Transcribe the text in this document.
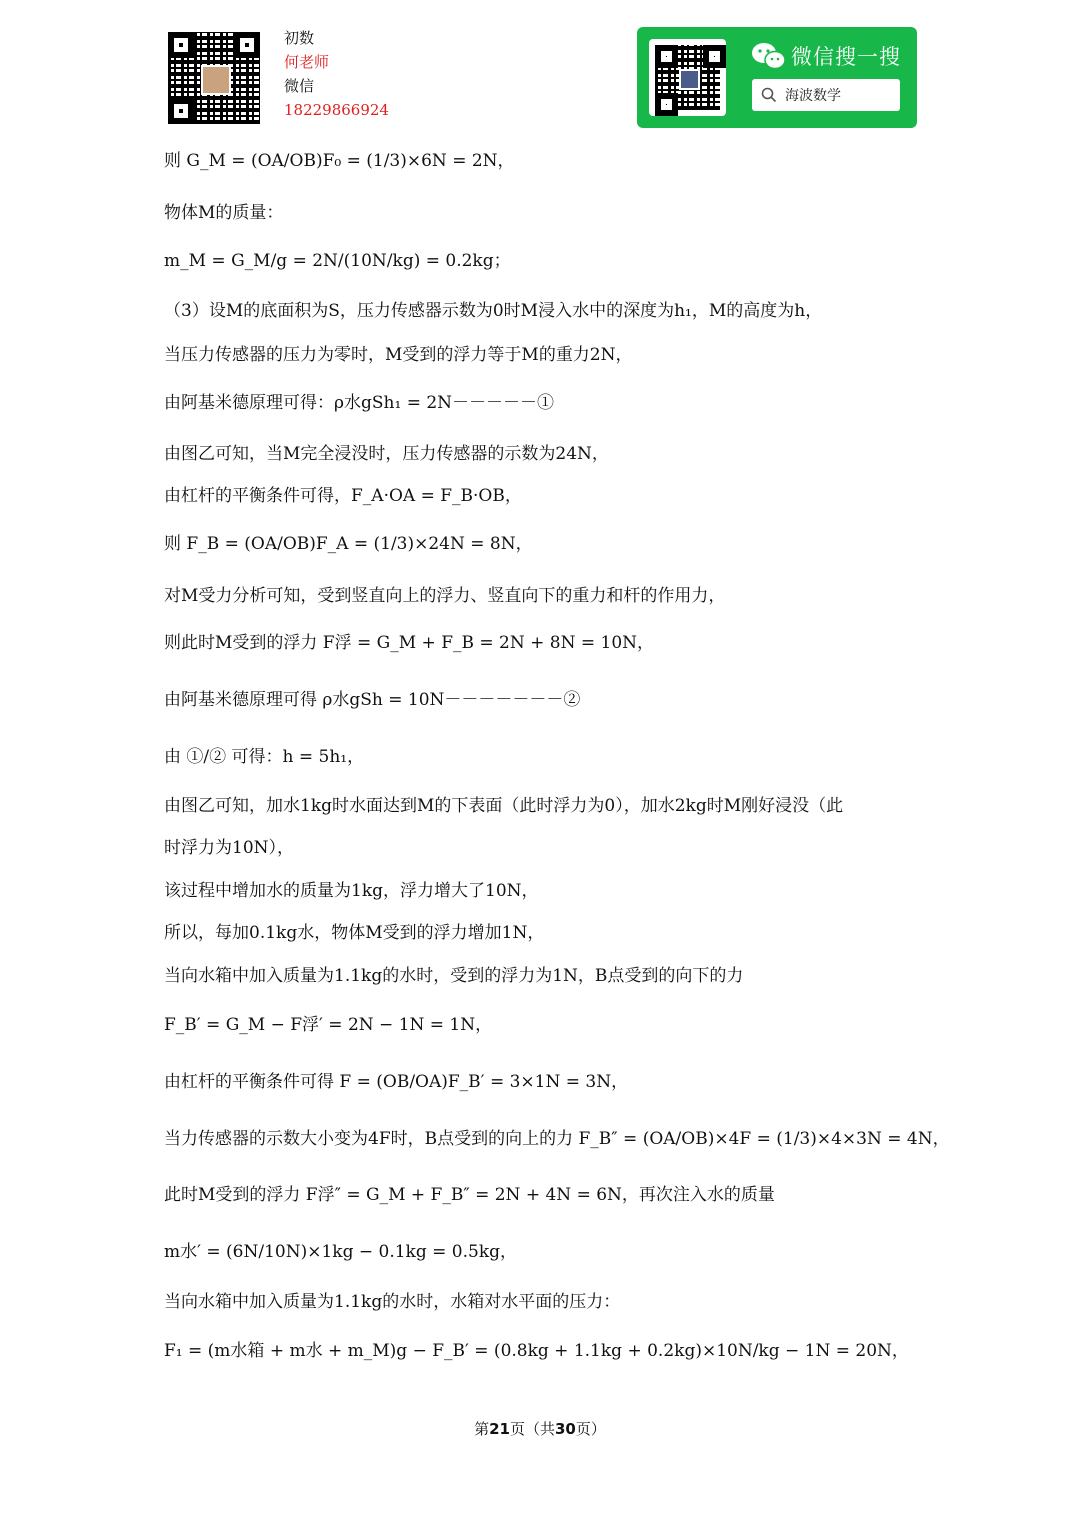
初数
何老师
微信
18229866924
微信搜一搜
海波数学
则 G_M = (OA/OB)F₀ = (1/3)×6N = 2N，
物体M的质量：
m_M = G_M/g = 2N/(10N/kg) = 0.2kg；
（3）设M的底面积为S，压力传感器示数为0时M浸入水中的深度为h₁，M的高度为h，
当压力传感器的压力为零时，M受到的浮力等于M的重力2N，
由阿基米德原理可得：ρ水gSh₁ = 2N－－－－－①
由图乙可知，当M完全浸没时，压力传感器的示数为24N，
由杠杆的平衡条件可得，F_A·OA = F_B·OB，
则 F_B = (OA/OB)F_A = (1/3)×24N = 8N，
对M受力分析可知，受到竖直向上的浮力、竖直向下的重力和杆的作用力，
则此时M受到的浮力 F浮 = G_M + F_B = 2N + 8N = 10N，
由阿基米德原理可得 ρ水gSh = 10N－－－－－－－②
由 ①/② 可得：h = 5h₁，
由图乙可知，加水1kg时水面达到M的下表面（此时浮力为0），加水2kg时M刚好浸没（此
时浮力为10N），
该过程中增加水的质量为1kg，浮力增大了10N，
所以，每加0.1kg水，物体M受到的浮力增加1N，
当向水箱中加入质量为1.1kg的水时，受到的浮力为1N，B点受到的向下的力
F_B′ = G_M − F浮′ = 2N − 1N = 1N，
由杠杆的平衡条件可得 F = (OB/OA)F_B′ = 3×1N = 3N，
当力传感器的示数大小变为4F时，B点受到的向上的力 F_B″ = (OA/OB)×4F = (1/3)×4×3N = 4N，
此时M受到的浮力 F浮″ = G_M + F_B″ = 2N + 4N = 6N，再次注入水的质量
m水′ = (6N/10N)×1kg − 0.1kg = 0.5kg，
当向水箱中加入质量为1.1kg的水时，水箱对水平面的压力：
F₁ = (m水箱 + m水 + m_M)g − F_B′ = (0.8kg + 1.1kg + 0.2kg)×10N/kg − 1N = 20N，
第21页（共30页）
